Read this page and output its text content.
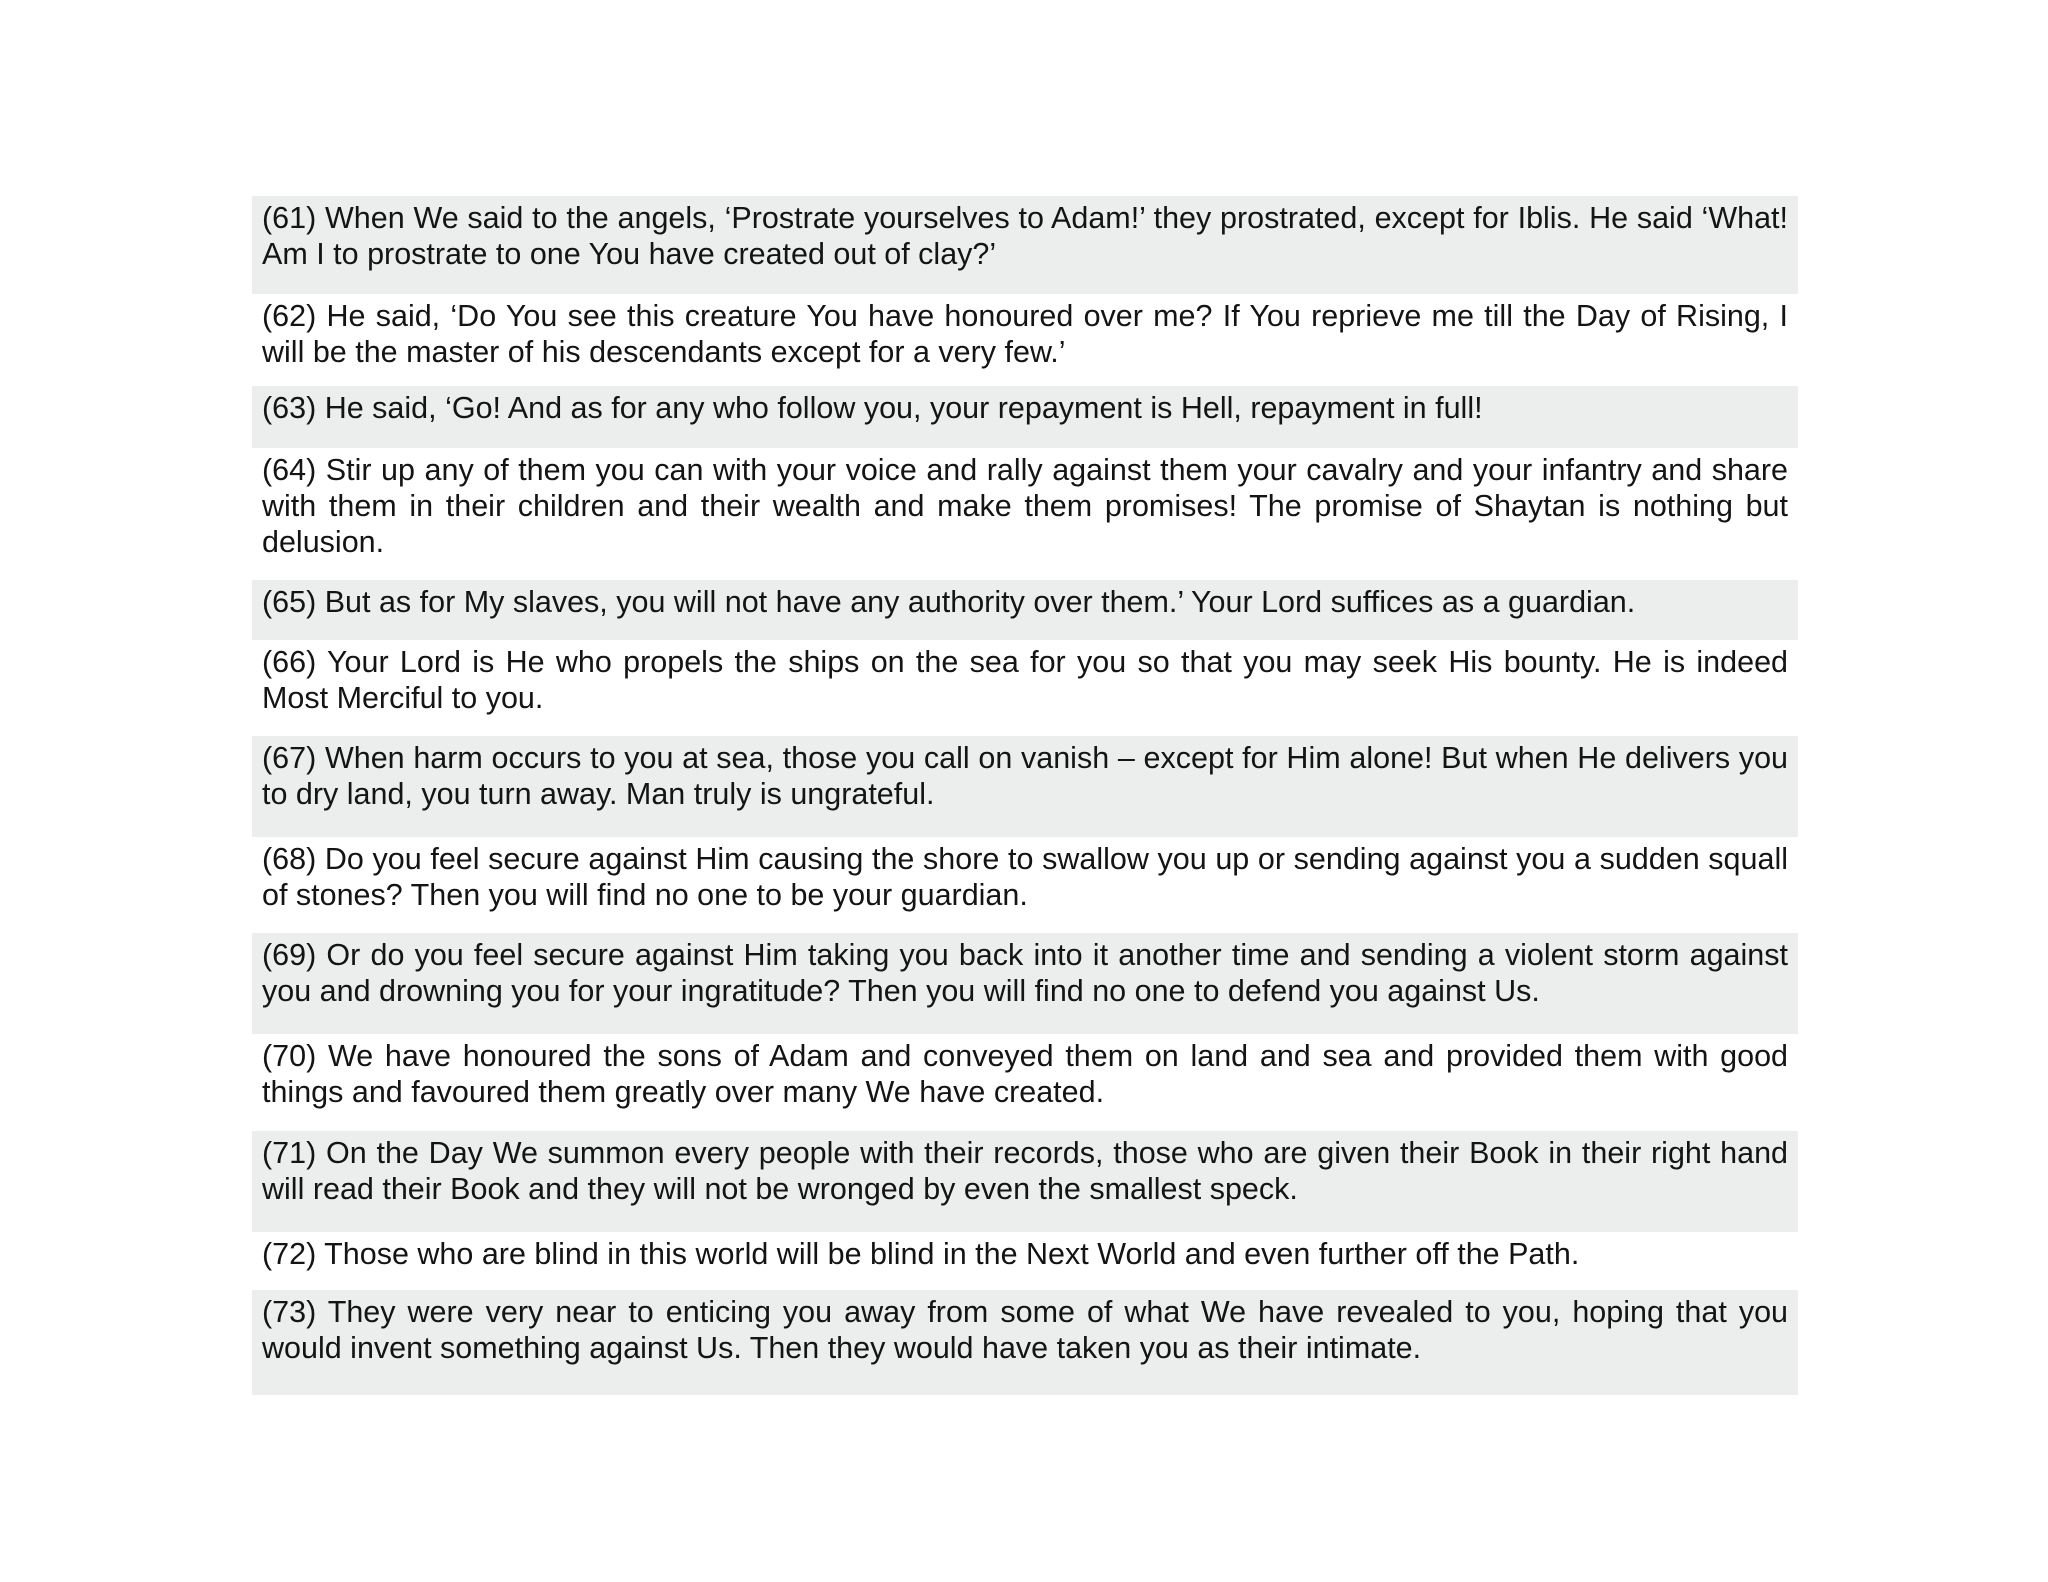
(61) When We said to the angels, ‘Prostrate yourselves to Adam!’ they prostrated, except for Iblis. He said ‘What! Am I to prostrate to one You have created out of clay?’
(62) He said, ‘Do You see this creature You have honoured over me? If You reprieve me till the Day of Rising, I will be the master of his descendants except for a very few.’
(63) He said, ‘Go! And as for any who follow you, your repayment is Hell, repayment in full!
(64) Stir up any of them you can with your voice and rally against them your cavalry and your infantry and share with them in their children and their wealth and make them promises! The promise of Shaytan is nothing but delusion.
(65) But as for My slaves, you will not have any authority over them.’ Your Lord suffices as a guardian.
(66) Your Lord is He who propels the ships on the sea for you so that you may seek His bounty. He is indeed Most Merciful to you.
(67) When harm occurs to you at sea, those you call on vanish – except for Him alone! But when He delivers you to dry land, you turn away. Man truly is ungrateful.
(68) Do you feel secure against Him causing the shore to swallow you up or sending against you a sudden squall of stones? Then you will find no one to be your guardian.
(69) Or do you feel secure against Him taking you back into it another time and sending a violent storm against you and drowning you for your ingratitude? Then you will find no one to defend you against Us.
(70) We have honoured the sons of Adam and conveyed them on land and sea and provided them with good things and favoured them greatly over many We have created.
(71) On the Day We summon every people with their records, those who are given their Book in their right hand will read their Book and they will not be wronged by even the smallest speck.
(72) Those who are blind in this world will be blind in the Next World and even further off the Path.
(73) They were very near to enticing you away from some of what We have revealed to you, hoping that you would invent something against Us. Then they would have taken you as their intimate.
